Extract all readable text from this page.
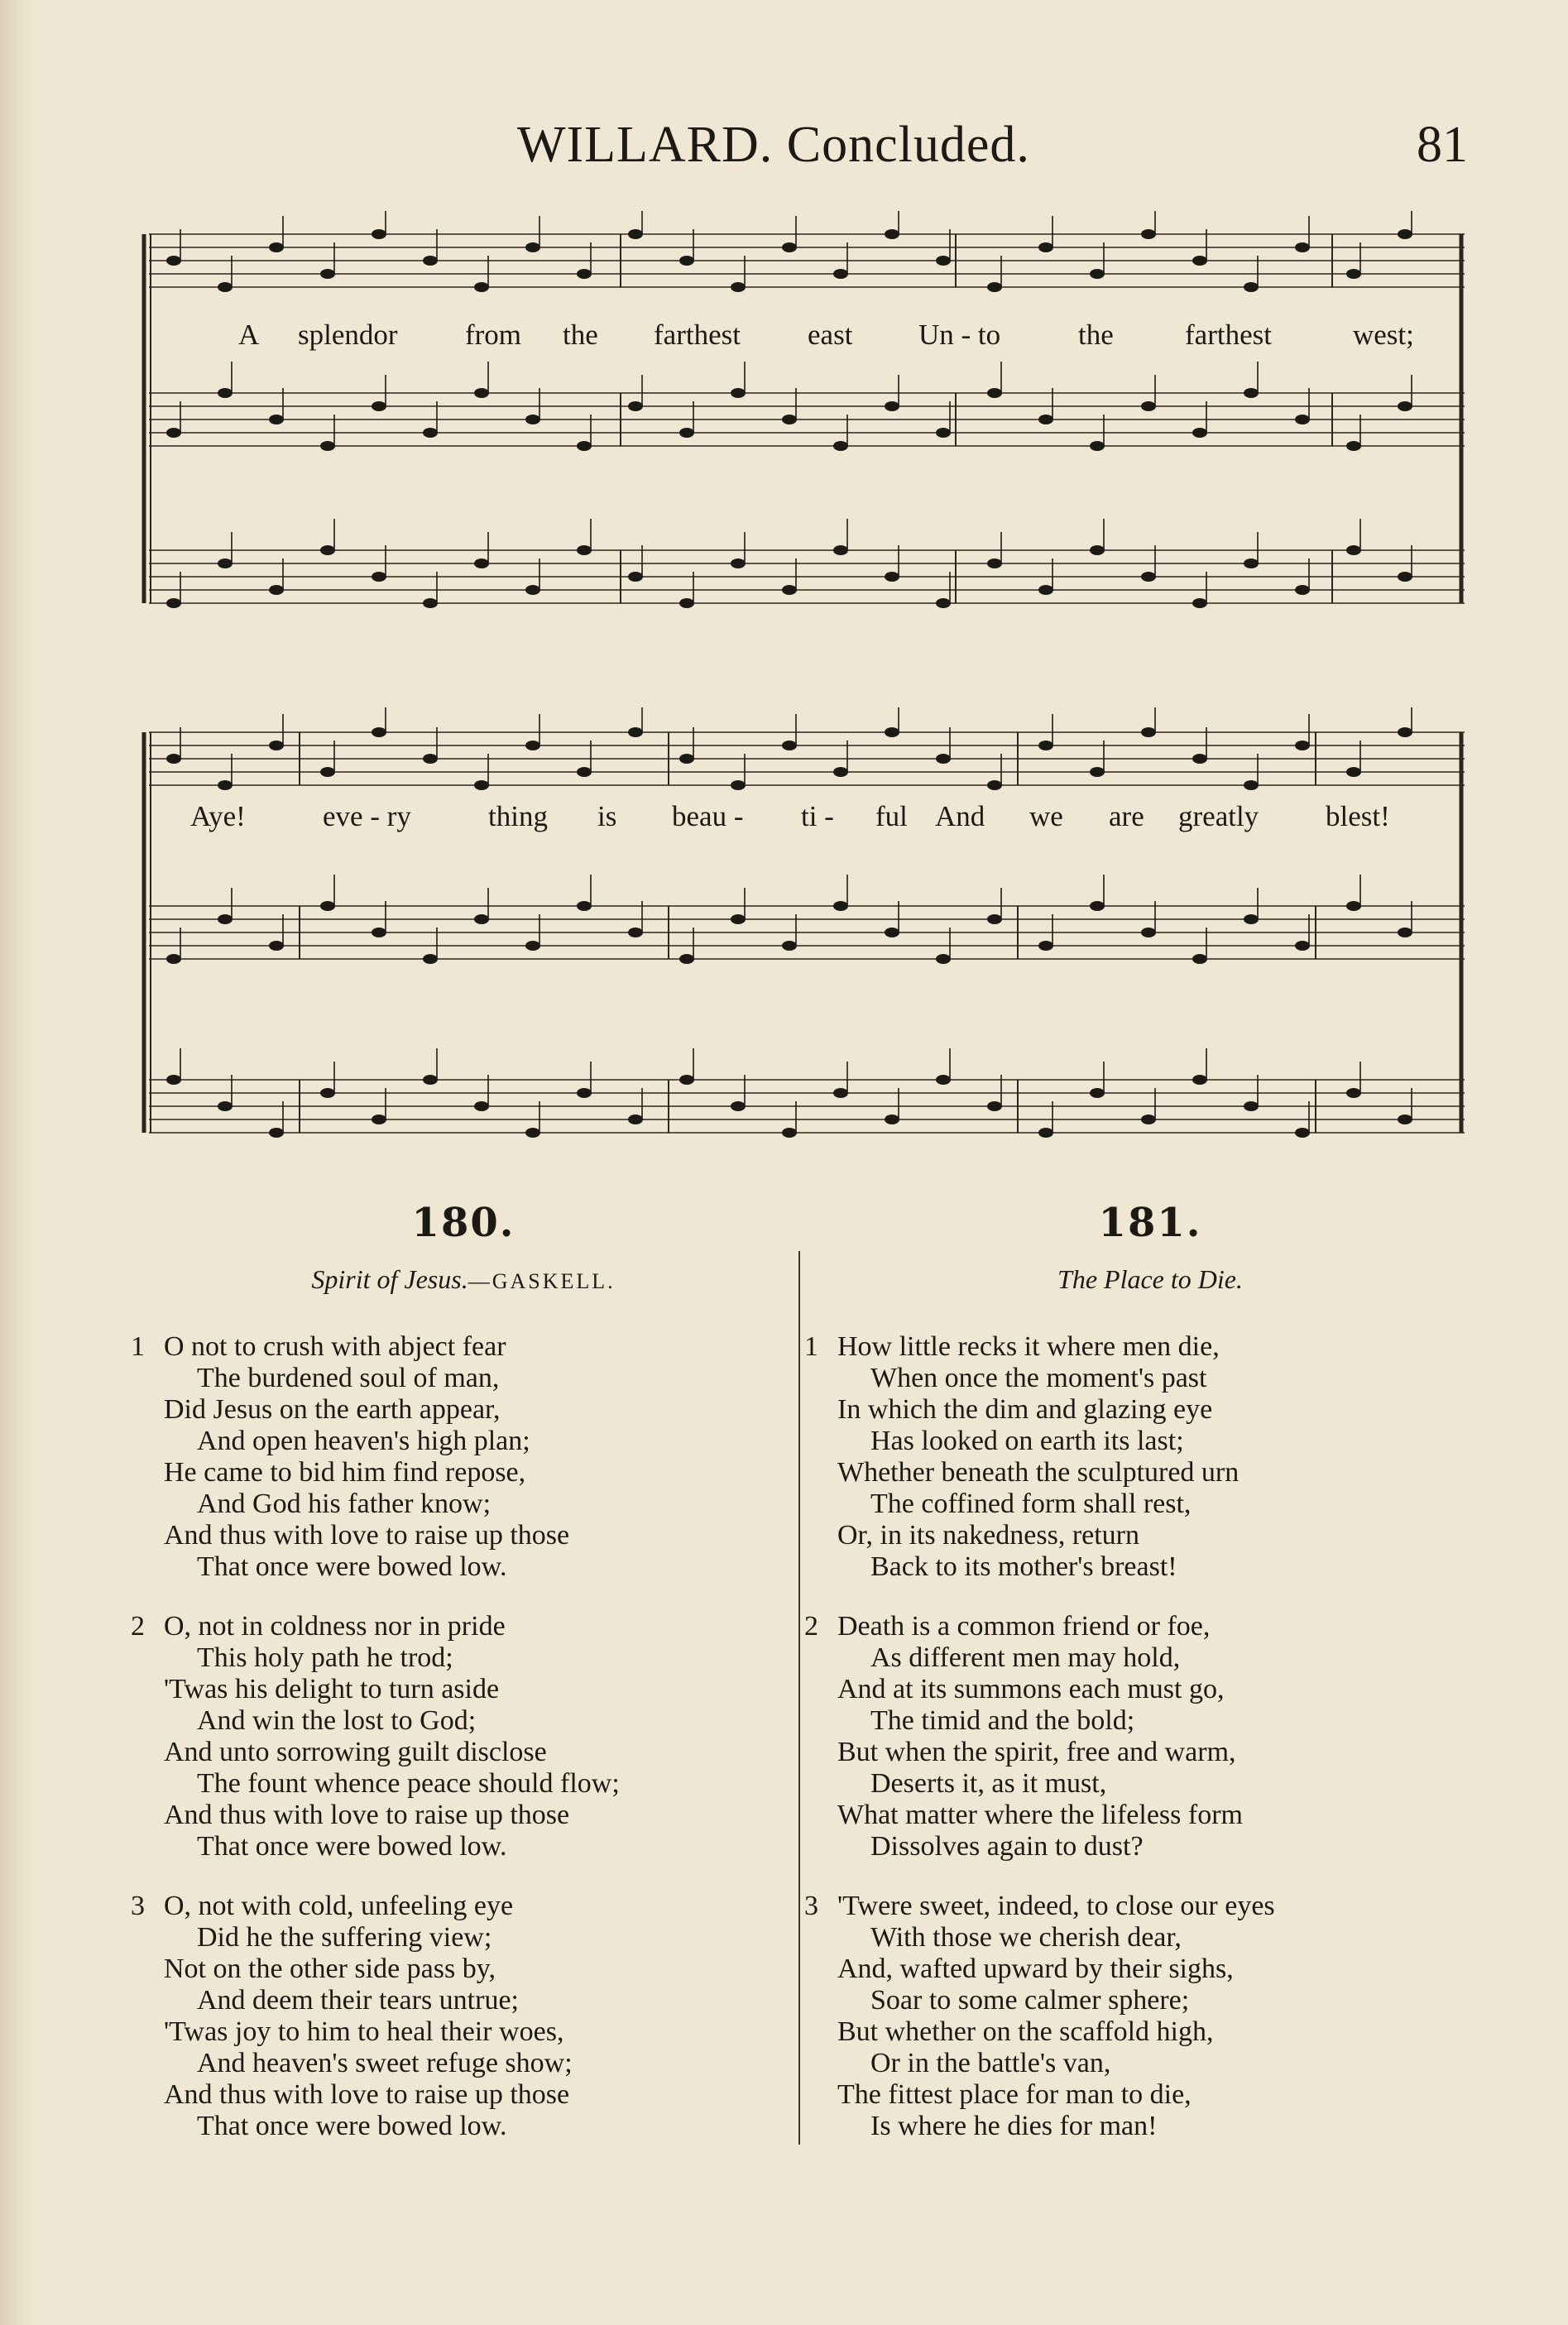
WILLARD. Concluded.	81
A splendor from the farthest east Un - to	the farthest	west;
Aye!	eve - ry	thing is beau - ti - ful And we are greatly blest!
180.
Spirit of Jesus.—GASKELL.
1 O not to crush with abject fear
The burdened soul of man,
Did Jesus on the earth appear,
And open heaven's high plan;
He came to bid him find repose,
And God his father know;
And thus with love to raise up those
That once were bowed low.
2 O, not in coldness nor in pride
This holy path he trod;
'Twas his delight to turn aside
And win the lost to God;
And unto sorrowing guilt disclose
The fount whence peace should flow;
And thus with love to raise up those
That once were bowed low.
3 O, not with cold, unfeeling eye
Did he the suffering view;
Not on the other side pass by,
And deem their tears untrue;
'Twas joy to him to heal their woes,
And heaven's sweet refuge show;
And thus with love to raise up those
That once were bowed low.
181.
The Place to Die.
1 How little recks it where men die,
When once the moment's past
In which the dim and glazing eye
Has looked on earth its last;
Whether beneath the sculptured urn
The coffined form shall rest,
Or, in its nakedness, return
Back to its mother's breast!
2 Death is a common friend or foe,
As different men may hold,
And at its summons each must go,
The timid and the bold;
But when the spirit, free and warm,
Deserts it, as it must,
What matter where the lifeless form
Dissolves again to dust?
3 'Twere sweet, indeed, to close our eyes
With those we cherish dear,
And, wafted upward by their sighs,
Soar to some calmer sphere;
But whether on the scaffold high,
Or in the battle's van,
The fittest place for man to die,
Is where he dies for man!
